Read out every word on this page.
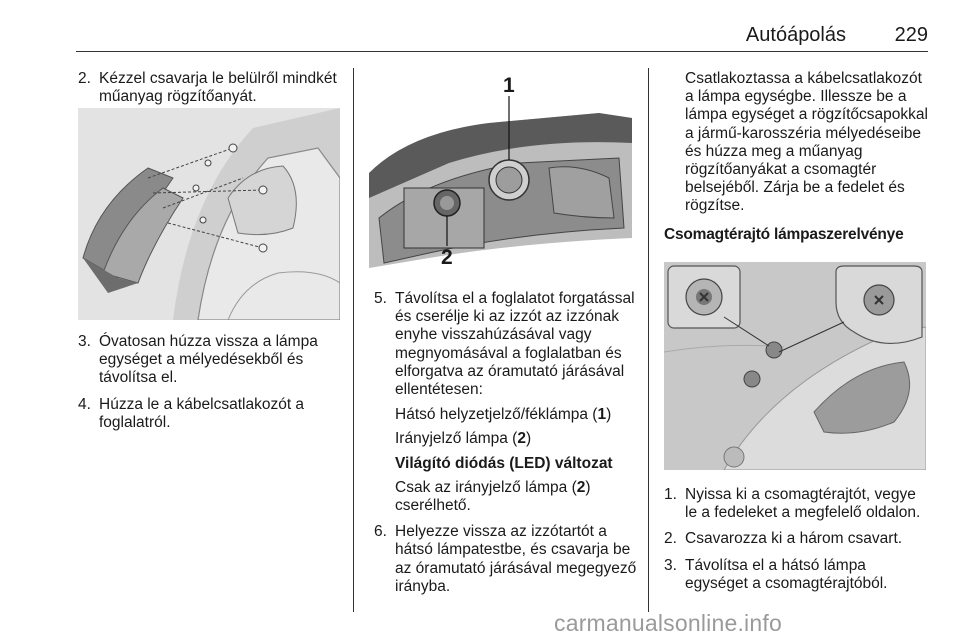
Autóápolás 229

2. Kézzel csavarja le belülről mindkét műanyag rögzítőanyát.

3. Óvatosan húzza vissza a lámpa egységet a mélyedésekből és távolítsa el.

4. Húzza le a kábelcsatlakozót a foglalatról.

1
2

5. Távolítsa el a foglalatot forgatással és cserélje ki az izzót az izzónak enyhe visszahúzásával vagy megnyomásával a foglalatban és elforgatva az óramutató járásával ellentétesen:

Hátsó helyzetjelző/féklámpa (1)

Irányjelző lámpa (2)

Világító diódás (LED) változat

Csak az irányjelző lámpa (2) cserélhető.

6. Helyezze vissza az izzótartót a hátsó lámpatestbe, és csavarja be az óramutató járásával megegyező irányba.

Csatlakoztassa a kábelcsatlakozót a lámpa egységbe. Illessze be a lámpa egységet a rögzítőcsapokkal a jármű-karosszéria mélyedéseibe és húzza meg a műanyag rögzítőanyákat a csomagtér belsejéből. Zárja be a fedelet és rögzítse.

Csomagtérajtó lámpaszerelvénye

1. Nyissa ki a csomagtérajtót, vegye le a fedeleket a megfelelő oldalon.

2. Csavarozza ki a három csavart.

3. Távolítsa el a hátsó lámpa egységet a csomagtérajtóból.

carmanualsonline.info
